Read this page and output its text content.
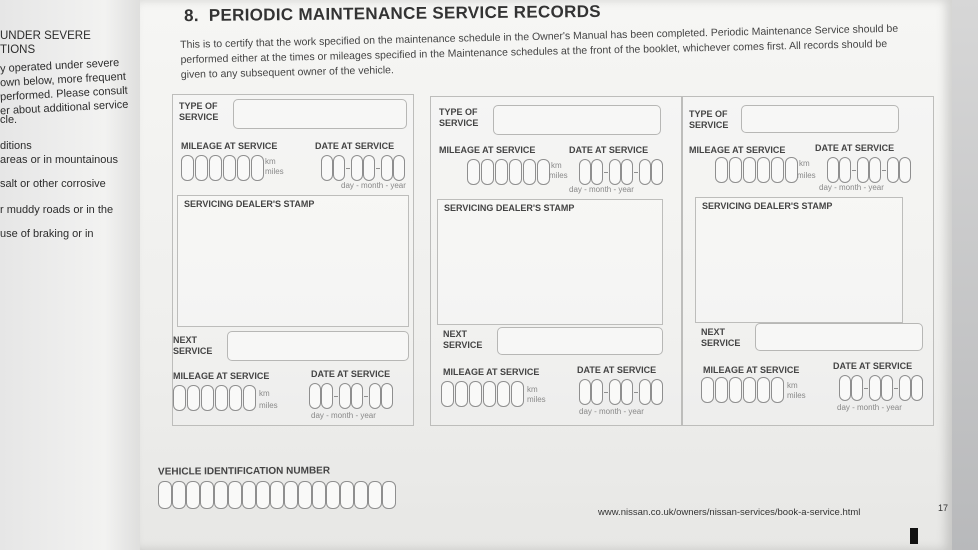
UNDER SEVERE
TIONS
y operated under severe
own below, more frequent
performed. Please consult
er about additional service
cle.
ditions
areas or in mountainous
salt or other corrosive
r muddy roads or in the
use of braking or in
8. PERIODIC MAINTENANCE SERVICE RECORDS
This is to certify that the work specified on the maintenance schedule in the Owner's Manual has been completed. Periodic Maintenance Service should be performed either at the times or mileages specified in the Maintenance schedules at the front of the booklet, whichever comes first. All records should be given to any subsequent owner of the vehicle.
TYPE OF SERVICE
MILEAGE AT SERVICE	DATE AT SERVICE
km
miles
day - month - year
SERVICING DEALER'S STAMP
NEXT SERVICE
MILEAGE AT SERVICE	DATE AT SERVICE
km
miles
day - month - year
TYPE OF SERVICE
MILEAGE AT SERVICE	DATE AT SERVICE
km
miles
day - month - year
SERVICING DEALER'S STAMP
NEXT SERVICE
MILEAGE AT SERVICE	DATE AT SERVICE
km
miles
day - month - year
TYPE OF SERVICE
MILEAGE AT SERVICE	DATE AT SERVICE
km
miles
day - month - year
SERVICING DEALER'S STAMP
NEXT SERVICE
MILEAGE AT SERVICE	DATE AT SERVICE
km
miles
day - month - year
VEHICLE IDENTIFICATION NUMBER
www.nissan.co.uk/owners/nissan-services/book-a-service.html	17
